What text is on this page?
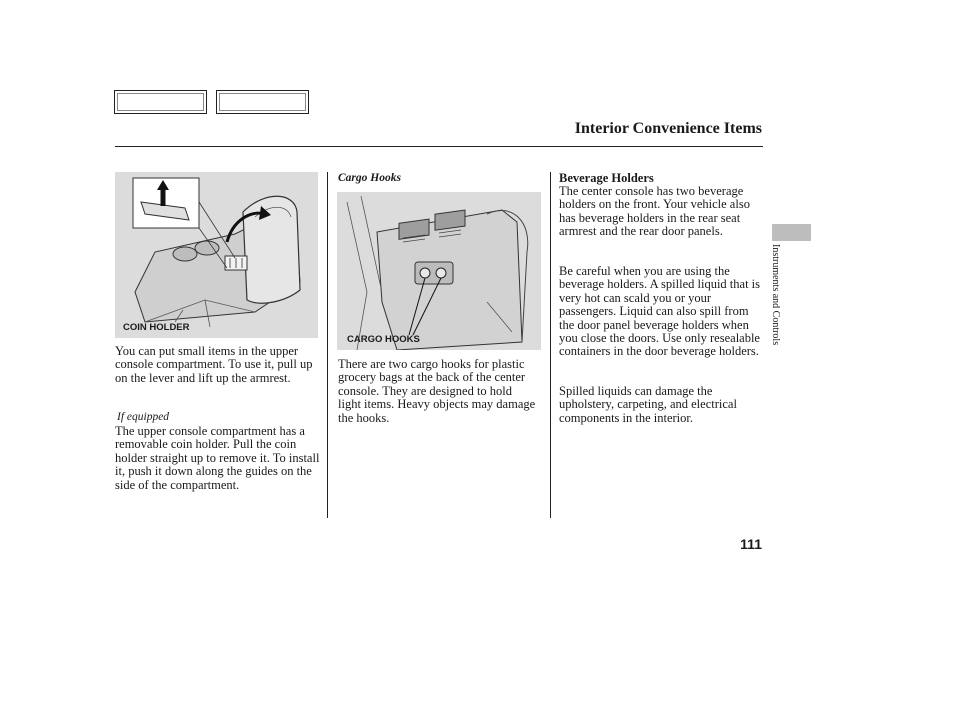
Interior Convenience Items
COIN HOLDER

You can put small items in the upper console compartment. To use it, pull up on the lever and lift up the armrest.

If equipped

The upper console compartment has a removable coin holder. Pull the coin holder straight up to remove it. To install it, push it down along the guides on the side of the compartment.

Cargo Hooks
CARGO HOOKS

There are two cargo hooks for plastic grocery bags at the back of the center console. They are designed to hold light items. Heavy objects may damage the hooks.

Beverage Holders

The center console has two beverage holders on the front. Your vehicle also has beverage holders in the rear seat armrest and the rear door panels.

Be careful when you are using the beverage holders. A spilled liquid that is very hot can scald you or your passengers. Liquid can also spill from the door panel beverage holders when you close the doors. Use only resealable containers in the door beverage holders.

Spilled liquids can damage the upholstery, carpeting, and electrical components in the interior.

Instruments and Controls
111
